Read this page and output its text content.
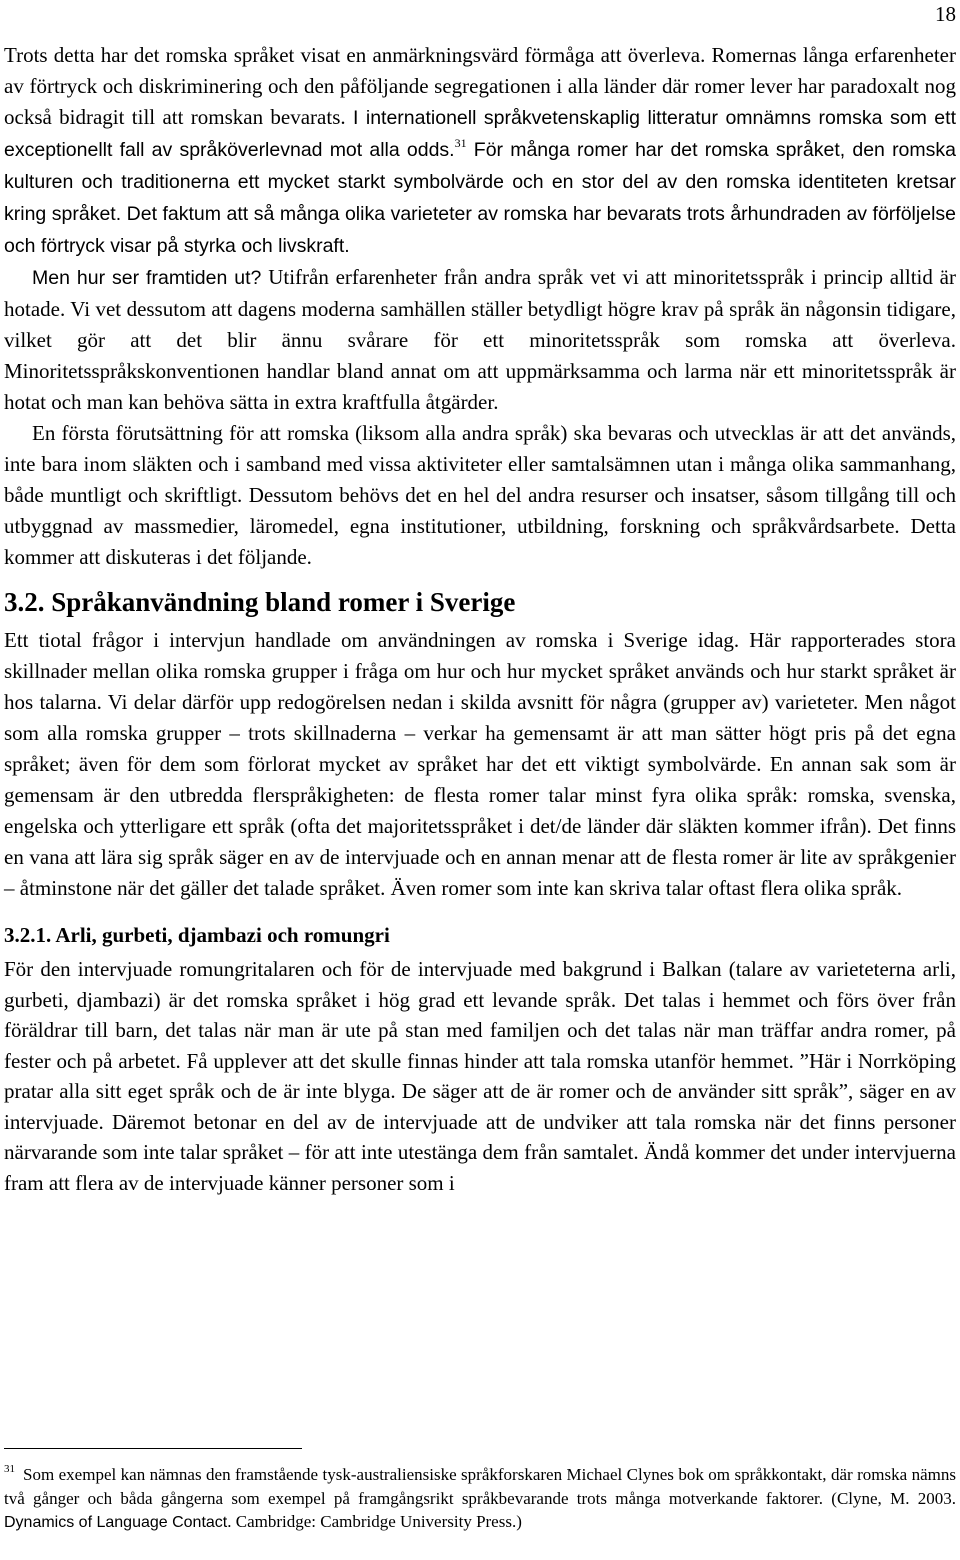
18

Trots detta har det romska språket visat en anmärkningsvärd förmåga att överleva. Romernas långa erfarenheter av förtryck och diskriminering och den påföljande segregationen i alla länder där romer lever har paradoxalt nog också bidragit till att romskan bevarats. I internationell språkvetenskaplig litteratur omnämns romska som ett exceptionellt fall av språköverlevnad mot alla odds.$^{31}$ För många romer har det romska språket, den romska kulturen och traditionerna ett mycket starkt symbolvärde och en stor del av den romska identiteten kretsar kring språket. Det faktum att så många olika varieteter av romska har bevarats trots århundraden av förföljelse och förtryck visar på styrka och livskraft.

Men hur ser framtiden ut? Utifrån erfarenheter från andra språk vet vi att minoritetsspråk i princip alltid är hotade. Vi vet dessutom att dagens moderna samhällen ställer betydligt högre krav på språk än någonsin tidigare, vilket gör att det blir ännu svårare för ett minoritetsspråk som romska att överleva. Minoritetsspråkskonventionen handlar bland annat om att uppmärksamma och larma när ett minoritetsspråk är hotat och man kan behöva sätta in extra kraftfulla åtgärder.

En första förutsättning för att romska (liksom alla andra språk) ska bevaras och utvecklas är att det används, inte bara inom släkten och i samband med vissa aktiviteter eller samtalsämnen utan i många olika sammanhang, både muntligt och skriftligt. Dessutom behövs det en hel del andra resurser och insatser, såsom tillgång till och utbyggnad av massmedier, läromedel, egna institutioner, utbildning, forskning och språkvårdsarbete. Detta kommer att diskuteras i det följande.

3.2. Språkanvändning bland romer i Sverige

Ett tiotal frågor i intervjun handlade om användningen av romska i Sverige idag. Här rapporterades stora skillnader mellan olika romska grupper i fråga om hur och hur mycket språket används och hur starkt språket är hos talarna. Vi delar därför upp redogörelsen nedan i skilda avsnitt för några (grupper av) varieteter. Men något som alla romska grupper – trots skillnaderna – verkar ha gemensamt är att man sätter högt pris på det egna språket; även för dem som förlorat mycket av språket har det ett viktigt symbolvärde. En annan sak som är gemensam är den utbredda flerspråkigheten: de flesta romer talar minst fyra olika språk: romska, svenska, engelska och ytterligare ett språk (ofta det majoritetsspråket i det/de länder där släkten kommer ifrån). Det finns en vana att lära sig språk säger en av de intervjuade och en annan menar att de flesta romer är lite av språkgenier – åtminstone när det gäller det talade språket. Även romer som inte kan skriva talar oftast flera olika språk.

3.2.1. Arli, gurbeti, djambazi och romungri

För den intervjuade romungritalaren och för de intervjuade med bakgrund i Balkan (talare av varieteterna arli, gurbeti, djambazi) är det romska språket i hög grad ett levande språk. Det talas i hemmet och förs över från föräldrar till barn, det talas när man är ute på stan med familjen och det talas när man träffar andra romer, på fester och på arbetet. Få upplever att det skulle finnas hinder att tala romska utanför hemmet. ”Här i Norrköping pratar alla sitt eget språk och de är inte blyga. De säger att de är romer och de använder sitt språk”, säger en av intervjuade. Däremot betonar en del av de intervjuade att de undviker att tala romska när det finns personer närvarande som inte talar språket – för att inte utestänga dem från samtalet. Ändå kommer det under intervjuerna fram att flera av de intervjuade känner personer som i

$^{31}$ Som exempel kan nämnas den framstående tysk-australiensiske språkforskaren Michael Clynes bok om språkkontakt, där romska nämns två gånger och båda gångerna som exempel på framgångsrikt språkbevarande trots många motverkande faktorer. (Clyne, M. 2003. Dynamics of Language Contact. Cambridge: Cambridge University Press.)
